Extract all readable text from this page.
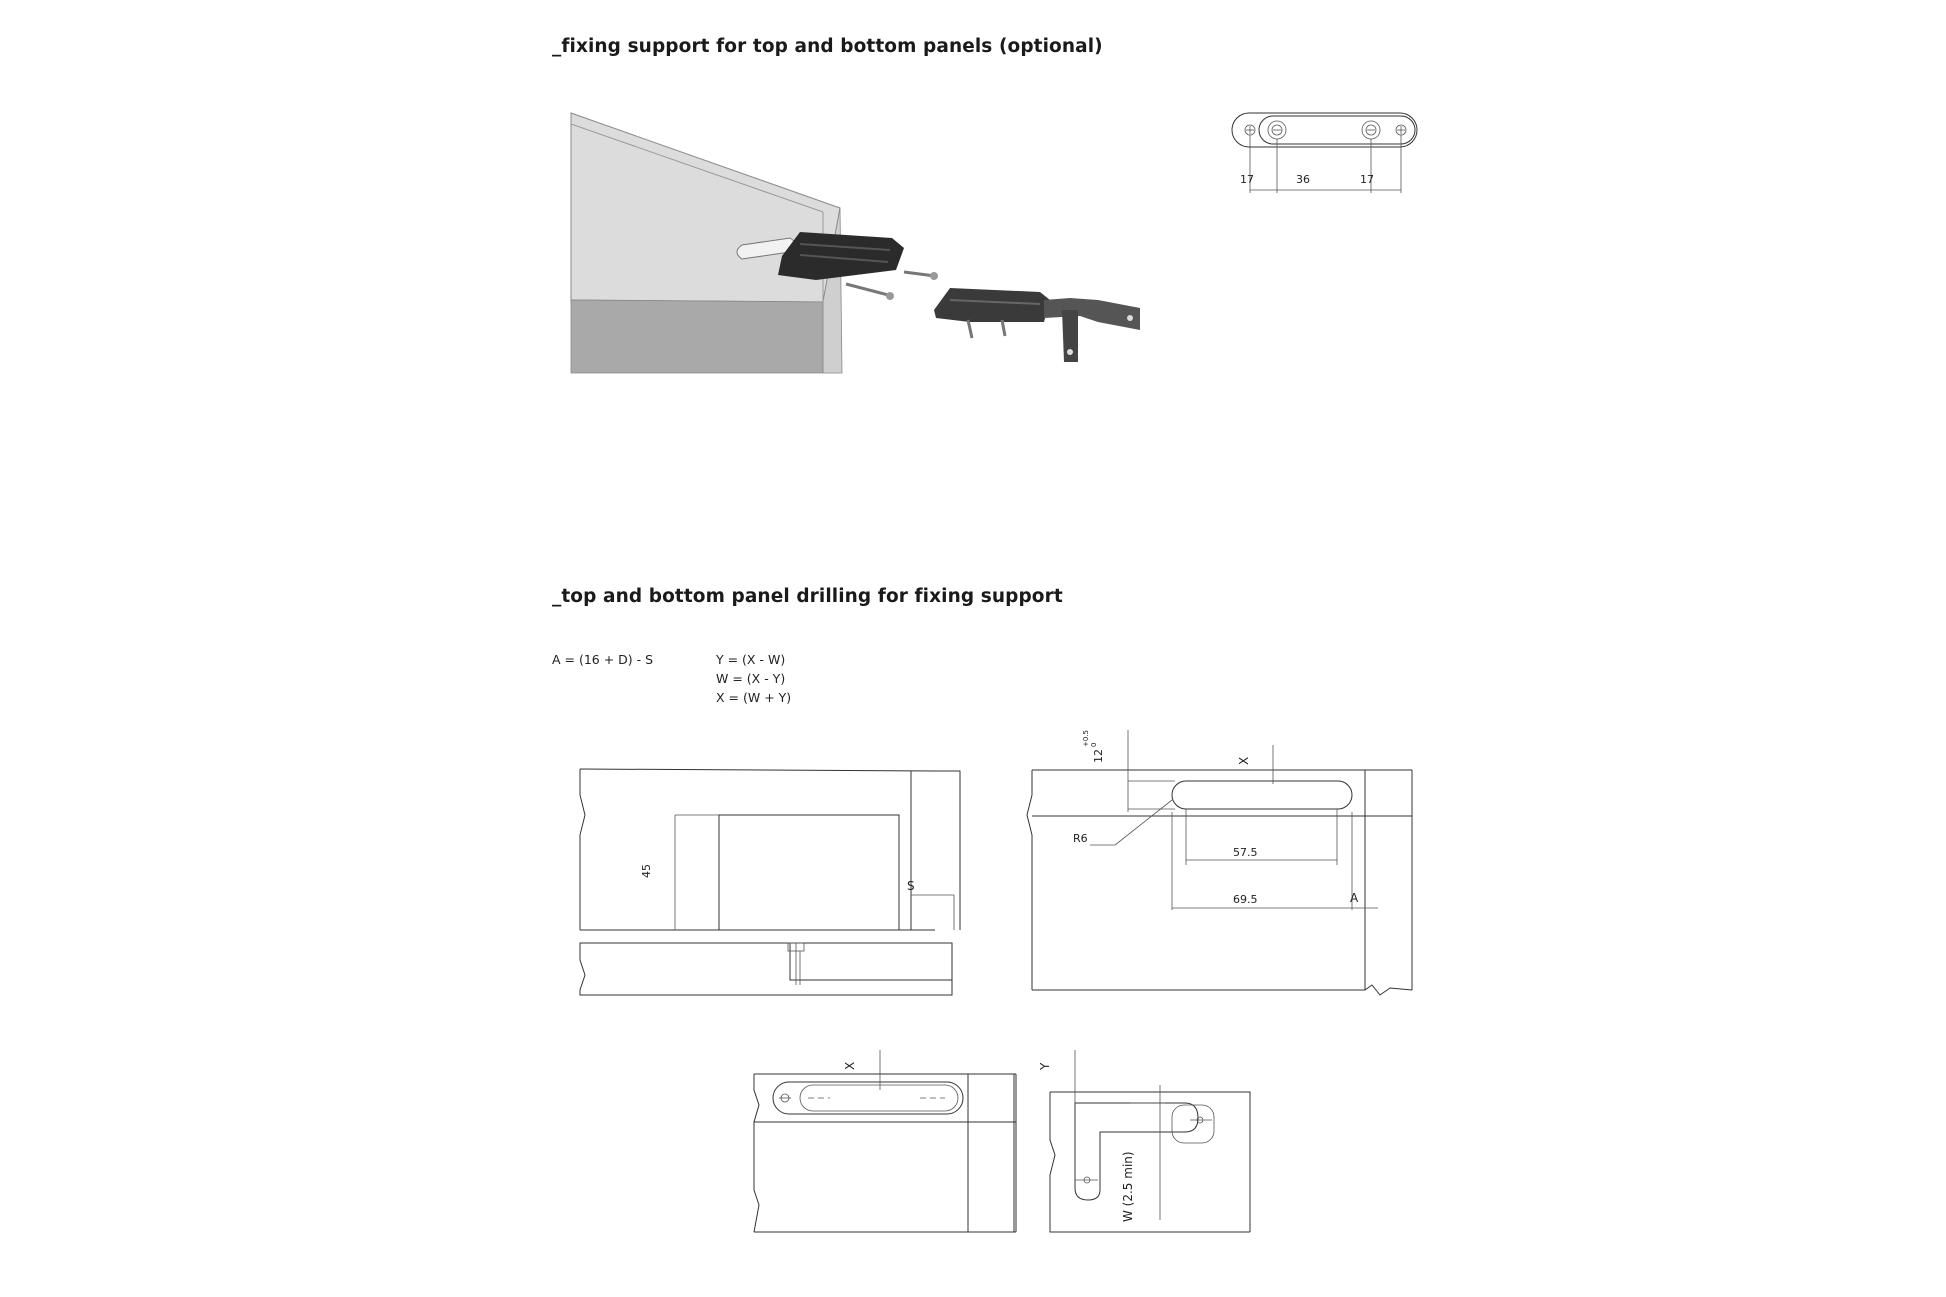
_fixing support for top and bottom panels (optional)
_top and bottom panel drilling for fixing support
A = (16 + D) - S	Y = (X - W)
W = (X - Y)
X = (W + Y)
17	36	17
45
S
12
+0.5 0
X
R6
57.5
69.5	A
X	Y
W (2.5 min)
